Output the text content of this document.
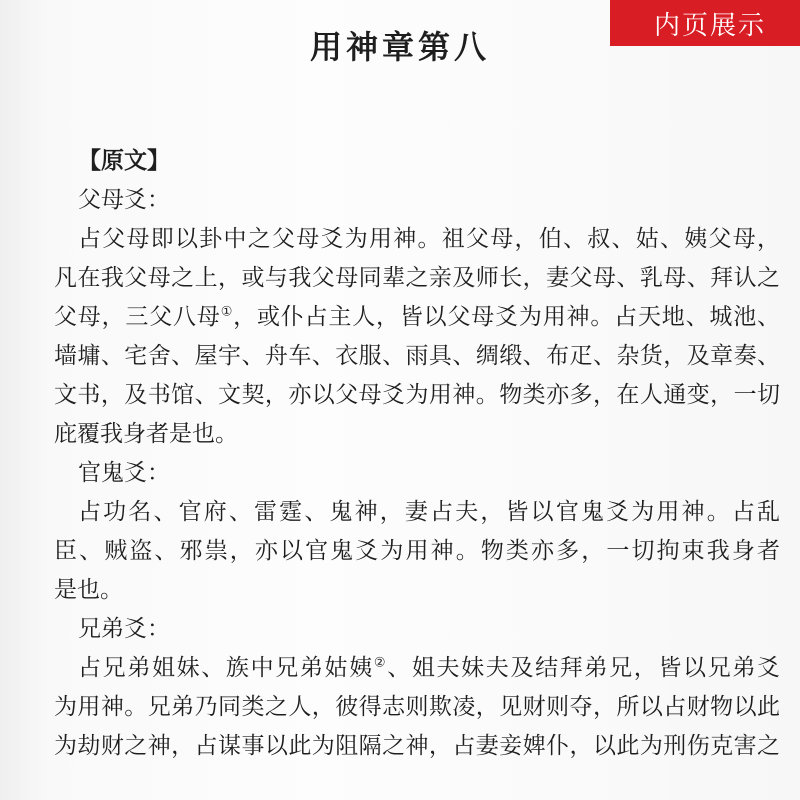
内页展示
用神章第八
【原文】
父母爻：
占父母即以卦中之父母爻为用神。祖父母，伯、叔、姑、姨父母，
凡在我父母之上，或与我父母同辈之亲及师长，妻父母、乳母、拜认之
父母，三父八母①，或仆占主人，皆以父母爻为用神。占天地、城池、
墙墉、宅舍、屋宇、舟车、衣服、雨具、绸缎、布疋、杂货，及章奏、
文书，及书馆、文契，亦以父母爻为用神。物类亦多，在人通变，一切
庇覆我身者是也。
官鬼爻：
占功名、官府、雷霆、鬼神，妻占夫，皆以官鬼爻为用神。占乱
臣、贼盗、邪祟，亦以官鬼爻为用神。物类亦多，一切拘束我身者
是也。
兄弟爻：
占兄弟姐妹、族中兄弟姑姨②、姐夫妹夫及结拜弟兄，皆以兄弟爻
为用神。兄弟乃同类之人，彼得志则欺凌，见财则夺，所以占财物以此
为劫财之神，占谋事以此为阻隔之神，占妻妾婢仆，以此为刑伤克害之
